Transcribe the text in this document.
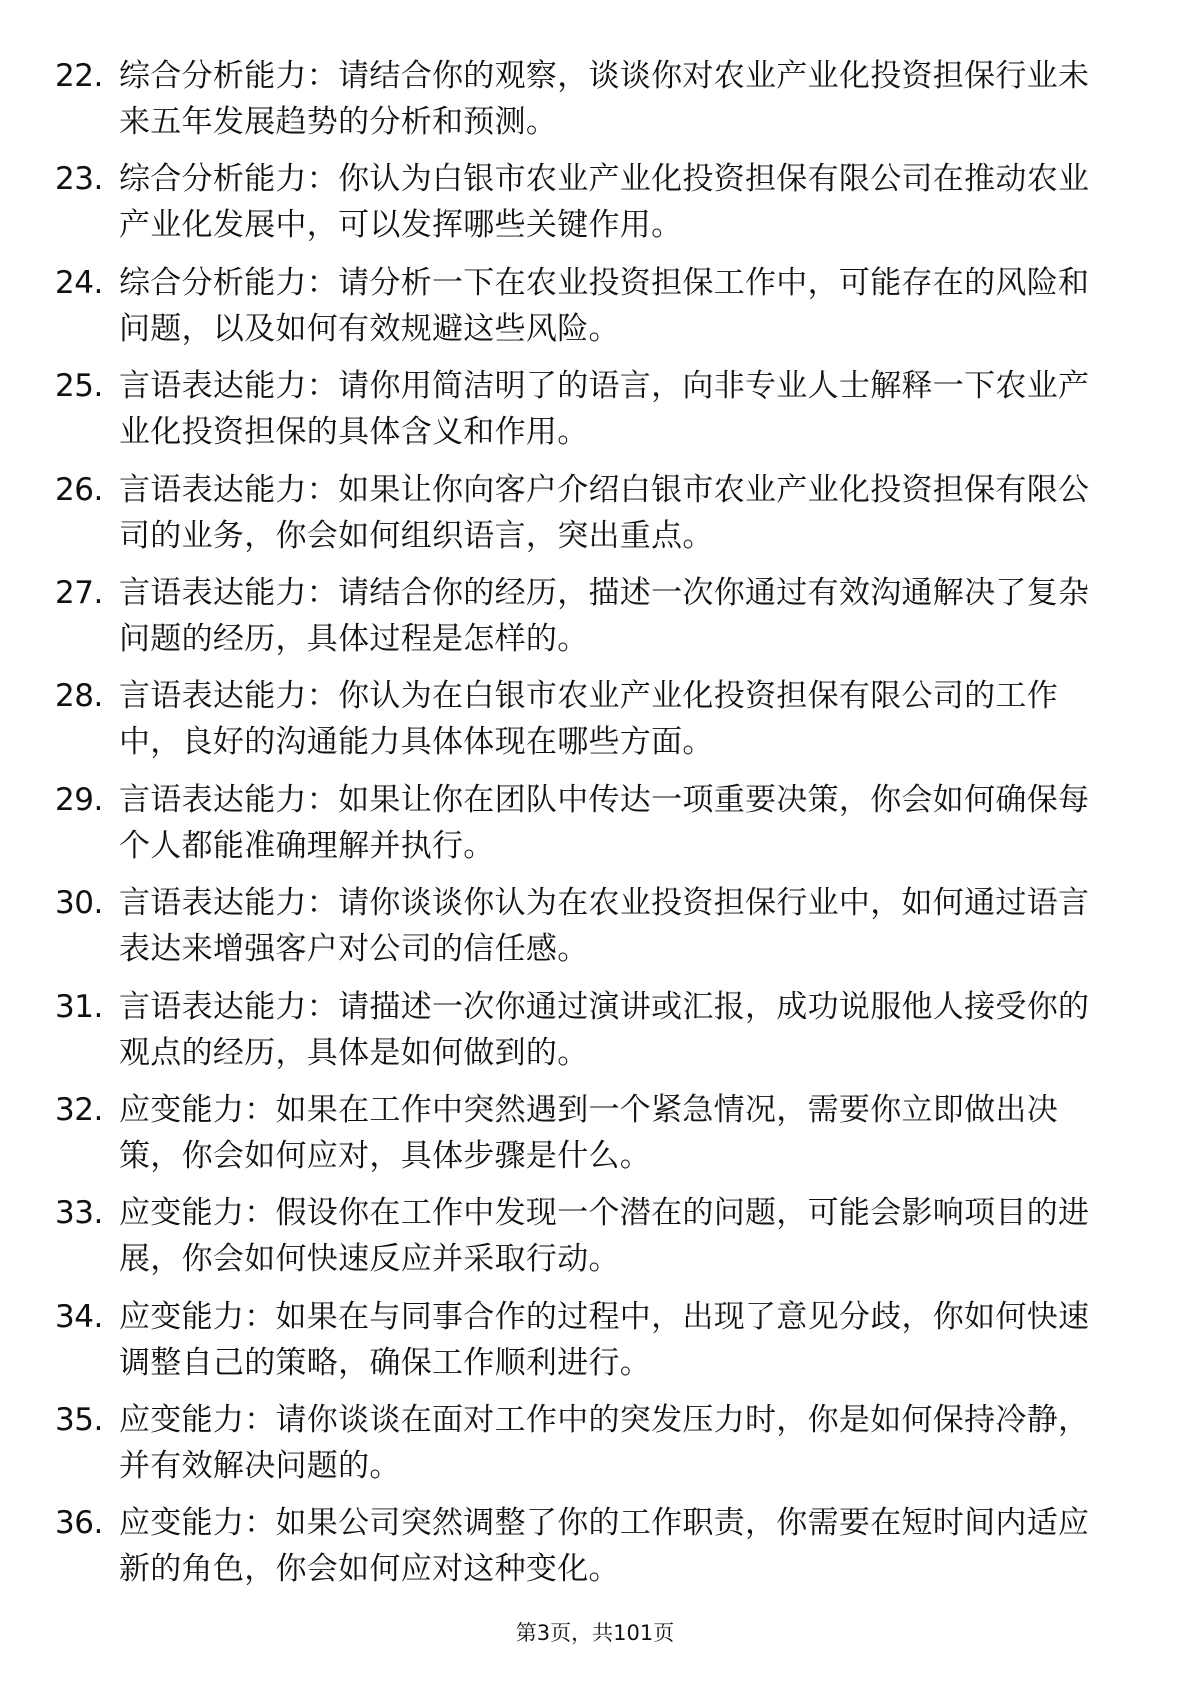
22. 综合分析能力：请结合你的观察，谈谈你对农业产业化投资担保行业未来五年发展趋势的分析和预测。
23. 综合分析能力：你认为白银市农业产业化投资担保有限公司在推动农业产业化发展中，可以发挥哪些关键作用。
24. 综合分析能力：请分析一下在农业投资担保工作中，可能存在的风险和问题，以及如何有效规避这些风险。
25. 言语表达能力：请你用简洁明了的语言，向非专业人士解释一下农业产业化投资担保的具体含义和作用。
26. 言语表达能力：如果让你向客户介绍白银市农业产业化投资担保有限公司的业务，你会如何组织语言，突出重点。
27. 言语表达能力：请结合你的经历，描述一次你通过有效沟通解决了复杂问题的经历，具体过程是怎样的。
28. 言语表达能力：你认为在白银市农业产业化投资担保有限公司的工作中，良好的沟通能力具体体现在哪些方面。
29. 言语表达能力：如果让你在团队中传达一项重要决策，你会如何确保每个人都能准确理解并执行。
30. 言语表达能力：请你谈谈你认为在农业投资担保行业中，如何通过语言表达来增强客户对公司的信任感。
31. 言语表达能力：请描述一次你通过演讲或汇报，成功说服他人接受你的观点的经历，具体是如何做到的。
32. 应变能力：如果在工作中突然遇到一个紧急情况，需要你立即做出决策，你会如何应对，具体步骤是什么。
33. 应变能力：假设你在工作中发现一个潜在的问题，可能会影响项目的进展，你会如何快速反应并采取行动。
34. 应变能力：如果在与同事合作的过程中，出现了意见分歧，你如何快速调整自己的策略，确保工作顺利进行。
35. 应变能力：请你谈谈在面对工作中的突发压力时，你是如何保持冷静，并有效解决问题的。
36. 应变能力：如果公司突然调整了你的工作职责，你需要在短时间内适应新的角色，你会如何应对这种变化。
第3页，共101页
